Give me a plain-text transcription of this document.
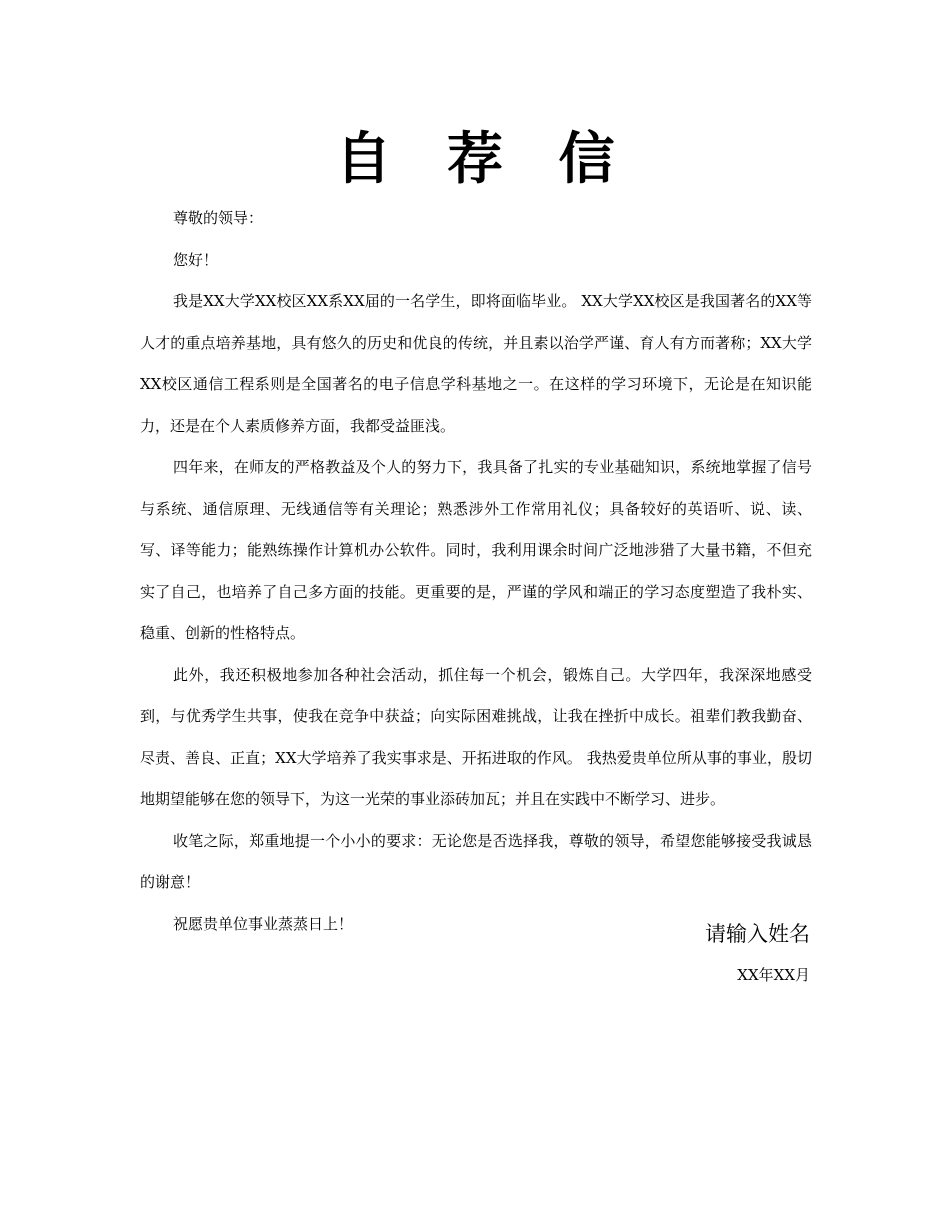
自 荐 信

尊敬的领导：

您好！

我是XX大学XX校区XX系XX届的一名学生，即将面临毕业。 XX大学XX校区是我国著名的XX等人才的重点培养基地，具有悠久的历史和优良的传统，并且素以治学严谨、育人有方而著称；XX大学XX校区通信工程系则是全国著名的电子信息学科基地之一。在这样的学习环境下，无论是在知识能力，还是在个人素质修养方面，我都受益匪浅。

四年来，在师友的严格教益及个人的努力下，我具备了扎实的专业基础知识，系统地掌握了信号与系统、通信原理、无线通信等有关理论；熟悉涉外工作常用礼仪；具备较好的英语听、说、读、写、译等能力；能熟练操作计算机办公软件。同时，我利用课余时间广泛地涉猎了大量书籍，不但充实了自己，也培养了自己多方面的技能。更重要的是，严谨的学风和端正的学习态度塑造了我朴实、稳重、创新的性格特点。

此外，我还积极地参加各种社会活动，抓住每一个机会，锻炼自己。大学四年，我深深地感受到，与优秀学生共事，使我在竞争中获益；向实际困难挑战，让我在挫折中成长。祖辈们教我勤奋、尽责、善良、正直；XX大学培养了我实事求是、开拓进取的作风。 我热爱贵单位所从事的事业，殷切地期望能够在您的领导下，为这一光荣的事业添砖加瓦；并且在实践中不断学习、进步。

收笔之际，郑重地提一个小小的要求：无论您是否选择我，尊敬的领导，希望您能够接受我诚恳的谢意！

祝愿贵单位事业蒸蒸日上！	请输入姓名
XX年XX月
